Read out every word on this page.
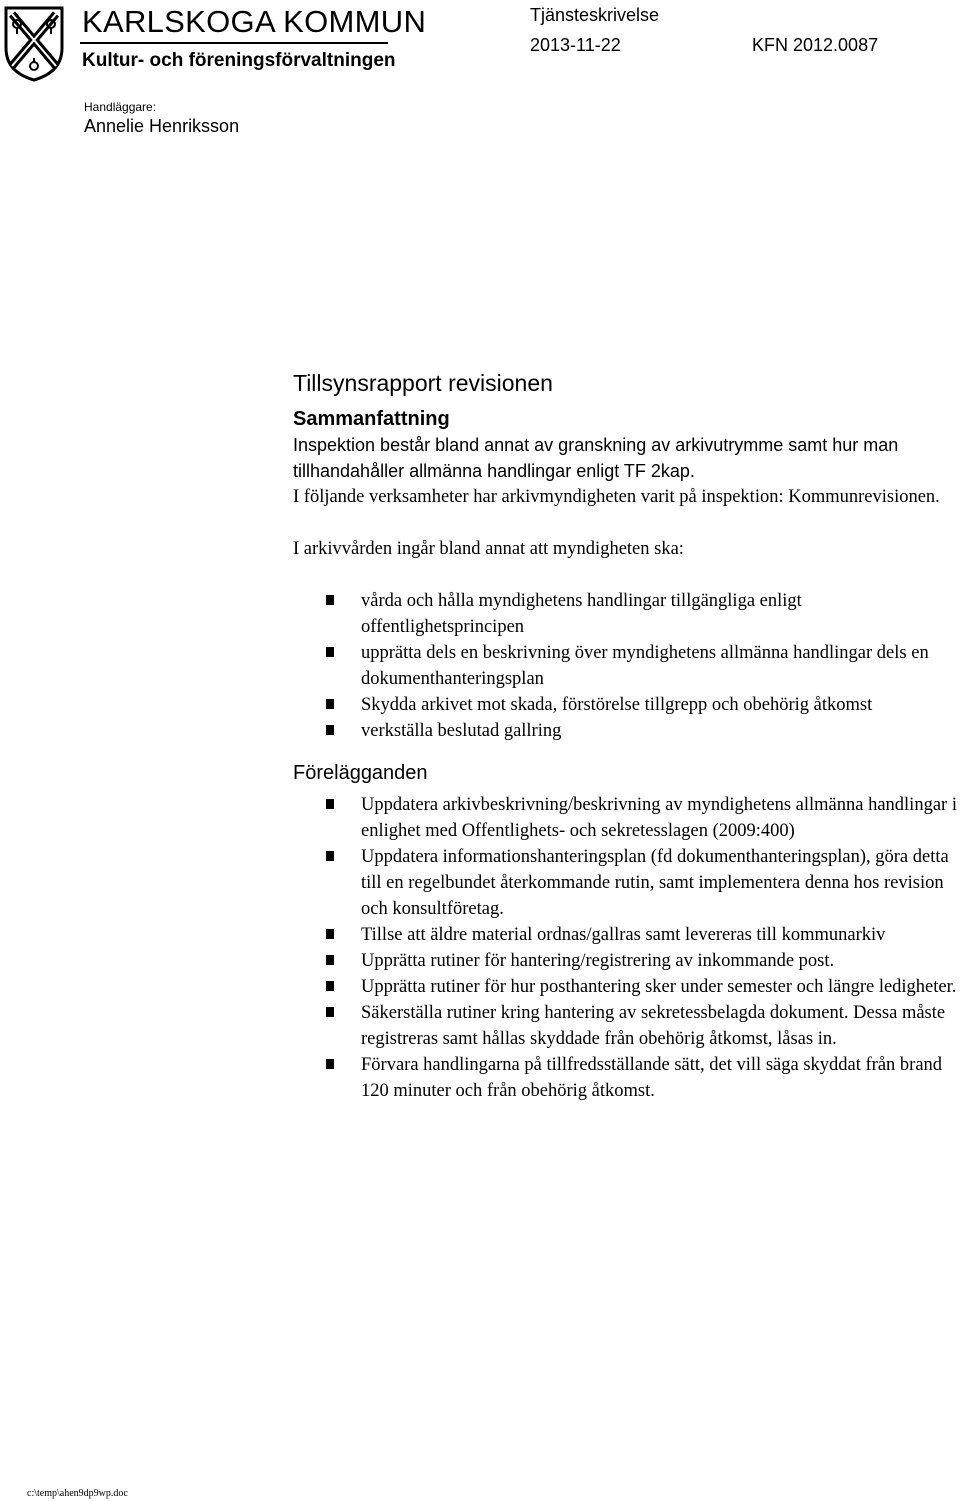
KARLSKOGA KOMMUN
Kultur- och föreningsförvaltningen
Tjänsteskrivelse
2013-11-22	KFN 2012.0087
Handläggare:
Annelie Henriksson
Tillsynsrapport revisionen
Sammanfattning

Inspektion består bland annat av granskning av arkivutrymme samt hur man tillhandahåller allmänna handlingar enligt TF 2kap.

I följande verksamheter har arkivmyndigheten varit på inspektion: Kommunrevisionen.

I arkivvården ingår bland annat att myndigheten ska:

vårda och hålla myndighetens handlingar tillgängliga enligt offentlighetsprincipen
upprätta dels en beskrivning över myndighetens allmänna handlingar dels en dokumenthanteringsplan
Skydda arkivet mot skada, förstörelse tillgrepp och obehörig åtkomst
verkställa beslutad gallring
Förelägganden
Uppdatera arkivbeskrivning/beskrivning av myndighetens allmänna handlingar i enlighet med Offentlighets- och sekretesslagen (2009:400)
Uppdatera informationshanteringsplan (fd dokumenthanteringsplan), göra detta till en regelbundet återkommande rutin, samt implementera denna hos revision och konsultföretag.
Tillse att äldre material ordnas/gallras samt levereras till kommunarkiv
Upprätta rutiner för hantering/registrering av inkommande post.
Upprätta rutiner för hur posthantering sker under semester och längre ledigheter.
Säkerställa rutiner kring hantering av sekretessbelagda dokument. Dessa måste registreras samt hållas skyddade från obehörig åtkomst, låsas in.
Förvara handlingarna på tillfredsställande sätt, det vill säga skyddat från brand 120 minuter och från obehörig åtkomst.
c:\temp\ahen9dp9wp.doc
